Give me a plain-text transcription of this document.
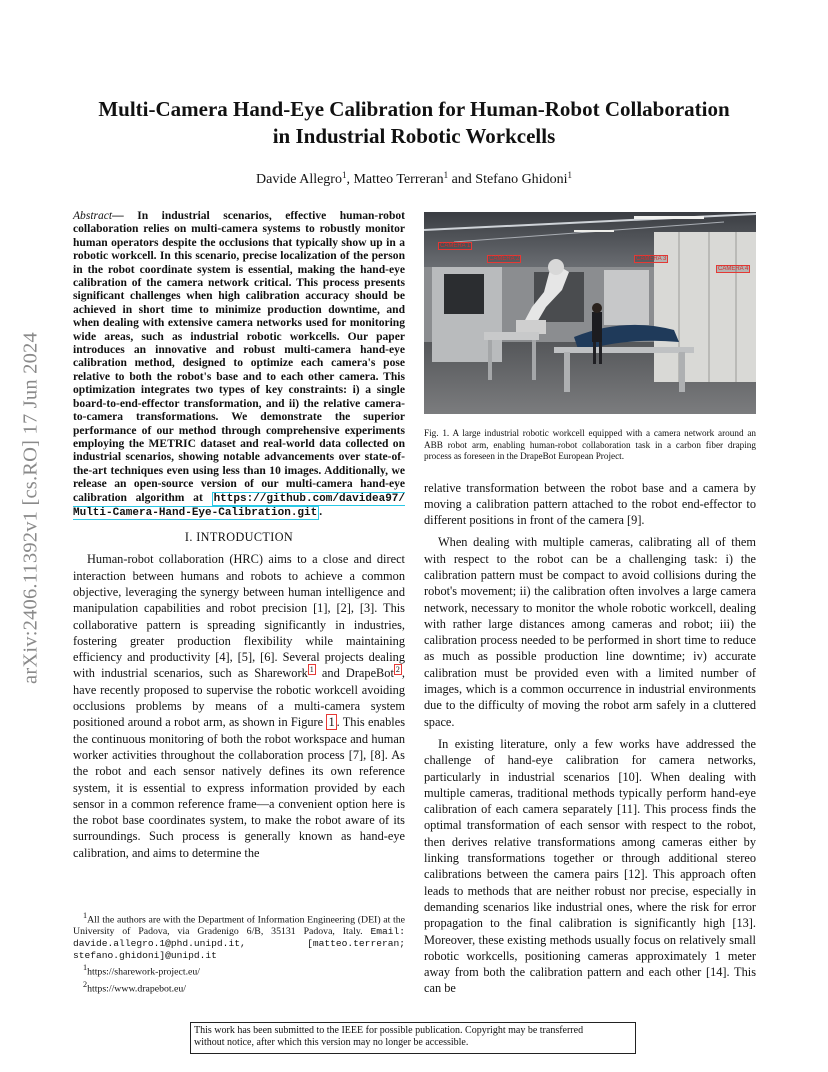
arXiv:2406.11392v1 [cs.RO] 17 Jun 2024
Multi-Camera Hand-Eye Calibration for Human-Robot Collaboration
in Industrial Robotic Workcells
Davide Allegro$^1$, Matteo Terreran$^1$ and Stefano Ghidoni$^1$
Abstract— In industrial scenarios, effective human-robot collaboration relies on multi-camera systems to robustly monitor human operators despite the occlusions that typically show up in a robotic workcell. In this scenario, precise localization of the person in the robot coordinate system is essential, making the hand-eye calibration of the camera network critical. This process presents significant challenges when high calibration accuracy should be achieved in short time to minimize production downtime, and when dealing with extensive camera networks used for monitoring wide areas, such as industrial robotic workcells. Our paper introduces an innovative and robust multi-camera hand-eye calibration method, designed to optimize each camera's pose relative to both the robot's base and to each other camera. This optimization integrates two types of key constraints: i) a single board-to-end-effector transformation, and ii) the relative camera-to-camera transformations. We demonstrate the superior performance of our method through comprehensive experiments employing the METRIC dataset and real-world data collected on industrial scenarios, showing notable advancements over state-of-the-art techniques even using less than 10 images. Additionally, we release an open-source version of our multi-camera hand-eye calibration algorithm at https://github.com/davidea97/ Multi-Camera-Hand-Eye-Calibration.git .
I. INTRODUCTION

Human-robot collaboration (HRC) aims to a close and direct interaction between humans and robots to achieve a common objective, leveraging the synergy between human intelligence and manipulation capabilities and robot precision [1], [2], [3]. This collaborative pattern is spreading significantly in industries, fostering greater production flexibility while maintaining efficiency and productivity [4], [5], [6]. Several projects dealing with industrial scenarios, such as Sharework $^1$ and DrapeBot $^2$ , have recently proposed to supervise the robotic workcell avoiding occlusions problems by means of a multi-camera system positioned around a robot arm, as shown in Figure 1 . This enables the continuous monitoring of both the robot workspace and human worker activities throughout the collaboration process [7], [8]. As the robot and each sensor natively defines its own reference system, it is essential to express information provided by each sensor in a common reference frame—a convenient option here is the robot base coordinates system, to make the robot aware of its surroundings. Such process is generally known as hand-eye calibration, and aims to determine the

$^1$All the authors are with the Department of Information Engineering (DEI) at the University of Padova, via Gradenigo 6/B, 35131 Padova, Italy. Email: davide.allegro.1@phd.unipd.it, [matteo.terreran; stefano.ghidoni]@unipd.it
$^1$https://sharework-project.eu/
$^2$https://www.drapebot.eu/
CAMERA 1
CAMERA 2	CAMERA 3
CAMERA 4
Fig. 1. A large industrial robotic workcell equipped with a camera network around an ABB robot arm, enabling human-robot collaboration task in a carbon fiber draping process as foreseen in the DrapeBot European Project.

relative transformation between the robot base and a camera by moving a calibration pattern attached to the robot end-effector to different positions in front of the camera [9].

When dealing with multiple cameras, calibrating all of them with respect to the robot can be a challenging task: i) the calibration pattern must be compact to avoid collisions during the robot's movement; ii) the calibration often involves a large camera network, necessary to monitor the whole robotic workcell, dealing with rather large distances among cameras and robot; iii) the calibration process needed to be performed in short time to reduce as much as possible production line downtime; iv) accurate calibration must be provided even with a limited number of images, which is a common occurrence in industrial environments due to the difficulty of moving the robot arm safely in a cluttered space.

In existing literature, only a few works have addressed the challenge of hand-eye calibration for camera networks, particularly in industrial scenarios [10]. When dealing with multiple cameras, traditional methods typically perform hand-eye calibration of each camera separately [11]. This process finds the optimal transformation of each sensor with respect to the robot, then derives relative transformations among cameras either by linking transformations together or through additional stereo calibrations between the camera pairs [12]. This approach often leads to methods that are neither robust nor precise, especially in demanding scenarios like industrial ones, where the risk for error propagation to the final calibration is significantly high [13]. Moreover, these existing methods usually focus on relatively small robotic workcells, positioning cameras approximately 1 meter away from both the calibration pattern and each other [14]. This can be

This work has been submitted to the IEEE for possible publication. Copyright may be transferred
without notice, after which this version may no longer be accessible.
